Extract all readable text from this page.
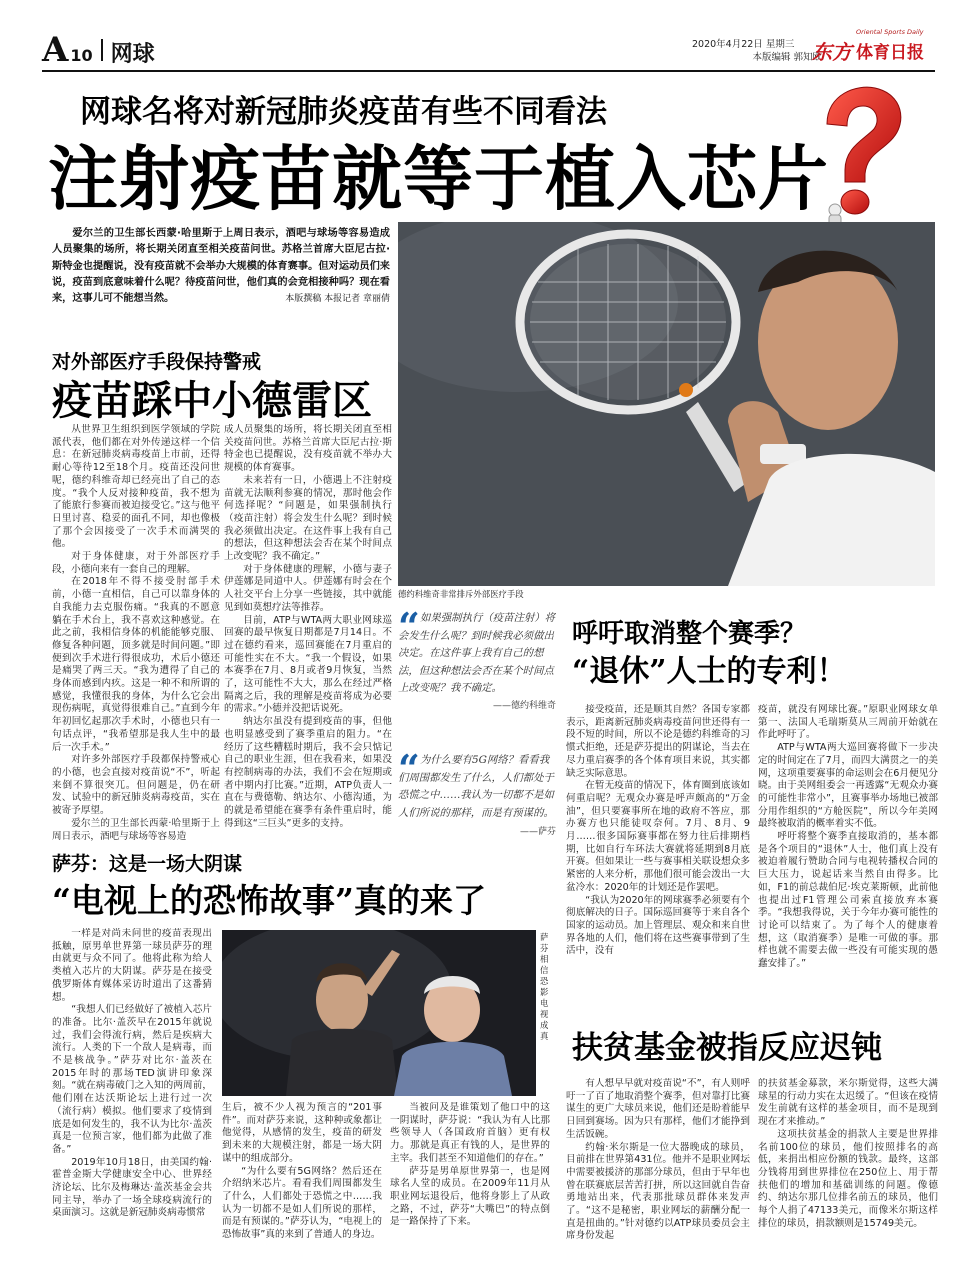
A 10 网球	2020年4月22日 星期三
本版编辑 郭知欧
Oriental Sports Daily
东方 体育日报
网球名将对新冠肺炎疫苗有些不同看法
注射疫苗就等于植入芯片
爱尔兰的卫生部长西蒙·哈里斯于上周日表示，酒吧与球场等容易造成人员聚集的场所，将长期关闭直至相关疫苗问世。苏格兰首席大臣尼古拉·斯特金也提醒说，没有疫苗就不会举办大规模的体育赛事。但对运动员们来说，疫苗到底意味着什么呢？待疫苗问世，他们真的会竞相接种吗？现在看来，这事儿可不能想当然。	本版撰稿 本报记者 章丽倩
德约科维奇非常排斥外部医疗手段
对外部医疗手段保持警戒
疫苗踩中小德雷区

从世界卫生组织到医学领域的学院派代表，他们都在对外传递这样一个信息：在新冠肺炎病毒疫苗上市前，还得耐心等待12至18个月。疫苗还没问世呢，德约科维奇却已经亮出了自己的态度。“我个人反对接种疫苗，我不想为了能旅行参赛而被迫接受它。”这与他平日里讨喜、稳妥的面孔不同，却也像极了那个会因接受了一次手术而满哭的他。

对于身体健康，对于外部医疗手段，小德向来有一套自己的理解。

在2018年不得不接受肘部手术前，小德一直相信，自己可以靠身体的自我能力去克服伤痛。“我真的不愿意躺在手术台上，我不喜欢这种感觉。在此之前，我相信身体的机能能够克服、修复各种问题，顶多就是时间问题。”即便到次手术进行得很成功，术后小德还是痛哭了两三天。“我为遭得了自己的身体而感到内疚。这是一种不和所谓的感觉，我懂很我的身体，为什么它会出现伤病呢，真觉得很难自己。”直到今年年初回忆起那次手术时，小德也只有一句话点评，“我希望那是我人生中的最后一次手术。”

对许多外部医疗手段都保持警戒心的小德，也会直接对疫苗说“不”，听起来倒不算很突兀。但问题是，仍在研发、试验中的新冠肺炎病毒疫苗，实在被寄予厚望。

爱尔兰的卫生部长西蒙·哈里斯于上周日表示，酒吧与球场等容易造

成人员聚集的场所，将长期关闭直至相关疫苗问世。苏格兰首席大臣尼古拉·斯特金也已提醒说，没有疫苗就不举办大规模的体育赛事。

未来若有一日，小德遇上不注射疫苗就无法顺利参赛的情况，那时他会作何选择呢？“问题是，如果强制执行（疫苗注射）将会发生什么呢？到时候我必须做出决定。在这件事上我有自己的想法，但这种想法会否在某个时间点上改变呢？我不确定。”

对于身体健康的理解，小德与妻子伊莲娜是同道中人。伊莲娜有时会在个人社交平台上分享一些链接，其中就能见到如莫想疗法等推荐。

目前，ATP与WTA两大职业网球巡回赛的最早恢复日期都是7月14日。不过在德约看来，巡回赛能在7月重启的可能性实在不大。“我一个假设，如果本赛季在7月、8月或者9月恢复，当然了，这可能性不大大，那么在经过严格隔离之后，我的理解是疫苗将成为必要的需求。”小德并没把话说死。

纳达尔虽没有提到疫苗的事，但他也明显感受到了赛季重启的阻力。“在经历了这些糟糕时期后，我不会只惦记自己的职业生涯，但在我看来，如果没有控制病毒的办法，我们不会在短期或者中期内打比赛。”近期，ATP负责人一直在与费德勒、纳达尔、小德沟通，为的就是希望能在赛季有条件重启时，能得到这“三巨头”更多的支持。

“ 如果强制执行（疫苗注射）将会发生什么呢？到时候我必须做出决定。在这件事上我有自己的想法，但这种想法会否在某个时间点上改变呢？我不确定。
——德约科维奇
“ 为什么要有5G网络？看看我们周围都发生了什么，人们都处于恐慌之中……我认为一切都不是如人们所说的那样，而是有预谋的。
——萨芬
呼吁取消整个赛季？
“退休”人士的专利！

接受疫苗，还是顺其自然？各国专家都表示，距离新冠肺炎病毒疫苗问世还得有一段不短的时间，所以不论是德约科维奇的习惯式拒绝，还是萨芬提出的阴谋论，当去在尽力重启赛季的各个体育项目来说，其实都缺乏实际意思。

在暂无疫苗的情况下，体育圈到底该如何重启呢？无观众办赛是呼声颇高的“万金油”，但只要赛事所在地的政府不答应，那办赛方也只能徒叹奈何。7月、8月、9月……很多国际赛事都在努力往后排期档期，比如自行车环法大赛就将延期到8月底开赛。但如果让一些与赛事相关联设想众多紧密的人来分析，那他们很可能会泼出一大盆冷水：2020年的计划还是作罢吧。

“我认为2020年的网球赛季必须要有个彻底解决的日子。国际巡回赛等于来自各个国家的运动员。加上管理层、观众和来自世界各地的人们，他们将在这些赛事带到了生活中，没有

疫苗，就没有网球比赛。”原职业网球女单第一、法国人毛瑞斯莫从三周前开始就在作此呼吁了。

ATP与WTA两大巡回赛将做下一步决定的时间定在了7月，而四大满贯之一的美网，这项重要赛事的命运则会在6月便见分晓。由于美网组委会一再透露“无观众办赛的可能性非常小”，且赛事举办场地已被部分用作组织的“方舱医院”，所以今年美网最终被取消的概率着实不低。

呼吁将整个赛季直接取消的，基本都是各个项目的“退休”人士，他们真上没有被迫着履行赞助合同与电视转播权合同的巨大压力，说起话来当然自由得多。比如，F1的前总裁伯尼·埃克莱斯顿，此前他也提出过F1管理公司索直接放弃本赛季。“我想我得说，关于今年办赛可能性的讨论可以结束了。为了每个人的健康着想，这（取消赛季）是唯一可做的事。那样也就不需要去做一些没有可能实现的愚蠢安排了。”

萨芬：这是一场大阴谋
“电视上的恐怖故事”真的来了

一样是对尚未问世的疫苗表现出抵触，原男单世界第一球员萨芬的理由就更与众不同了。他将此称为给人类植入芯片的大阴谋。萨芬是在接受俄罗斯体育媒体采访时道出了这番猜想。

“我想人们已经做好了被植入芯片的准备。比尔·盖茨早在2015年就说过，我们会得流行病，然后是疾病大流行。人类的下一个敌人是病毒，而不是核战争。”萨芬对比尔·盖茨在2015年时的那场TED演讲印象深刻。“就在病毒破门之入知的两周前，他们刚在达沃斯论坛上进行过一次（流行病）模拟。他们要求了疫情到底是如何发生的，我不认为比尔·盖茨真是一位预言家，他们都为此做了准备。”

2019年10月18日，由美国约翰·霍普金斯大学健康安全中心、世界经济论坛、比尔及梅琳达·盖茨基金会共同主导，举办了一场全球疫病流行的桌面演习。这就是新冠肺炎病毒惯常

萨芬相信恐影电视成真

生后，被不少人视为预言的“201事件”。而对萨芬来说，这种种或象都让他觉得，从感情的发生，疫苗的研发到未来的大规模注射，都是一场大阴谋中的组成部分。

“为什么要有5G网络？然后还在介绍纳米芯片。看看我们周围都发生了什么，人们都处于恐慌之中……我认为一切都不是如人们所说的那样，而是有预谋的。”萨芬认为，“电视上的恐怖故事”真的来到了普通人的身边。

当被问及是谁策划了他口中的这一阴谋时，萨芬说：“我认为有人比那些领导人（各国政府首脑）更有权力。那就是真正有钱的人，是世界的主宰。我们甚至不知道他们的存在。”

萨芬是男单原世界第一，也是网球名人堂的成员。在2009年11月从职业网坛退役后，他将身影上了从政之路，不过，萨芬“大嘴巴”的特点倒是一路保持了下来。

扶贫基金被指反应迟钝

有人想早早就对疫苗说“不”，有人则呼吁一了百了地取消整个赛季，但对靠打比赛谋生的更广大球员来说，他们还是盼着能早日回到赛场。因为只有那样，他们才能挣到生活饭碗。

约翰·米尔斯是一位大器晚成的球员，目前排在世界第431位。他并不是职业网坛中需要被援济的那部分球员，但由于早年也曾在联赛底层苦苦打拼，所以这回就自告奋勇地站出来，代表那批球员群体来发声了。“这不是秘密，职业网坛的薪酬分配一直是扭曲的。”针对德约以ATP球员委员会主席身份发起

的扶贫基金募款，米尔斯觉得，这些大满球星的行动力实在太迟缓了。“但该在疫情发生前就有这样的基金项目，而不是现到现在才来推动。”

这项扶贫基金的捐款人主要是世界排名前100位的球员，他们按照排名的高低，来捐出相应份额的钱款。最终，这部分钱将用到世界排位在250位上、用于帮扶他们的增加和基础训练的问题。像德约、纳达尔那几位排名前五的球员，他们每个人捐了47133美元，而像米尔斯这样排位的球员，捐款额则是15749美元。
